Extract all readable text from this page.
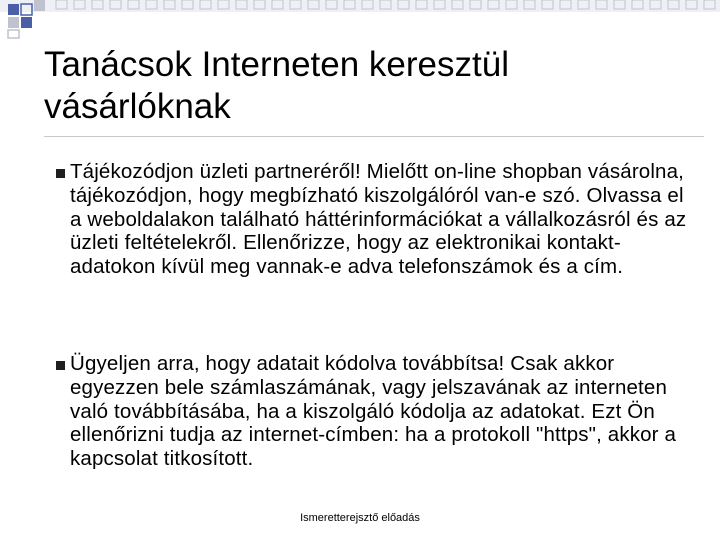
Tanácsok Interneten keresztül vásárlóknak

Tájékozódjon üzleti partneréről! Mielőtt on-line shopban vásárolna, tájékozódjon, hogy megbízható kiszolgálóról van-e szó. Olvassa el a weboldalakon található háttérinformációkat a vállalkozásról és az üzleti feltételekről. Ellenőrizze, hogy az elektronikai kontakt-adatokon kívül meg vannak-e adva telefonszámok és a cím.

Ügyeljen arra, hogy adatait kódolva továbbítsa! Csak akkor egyezzen bele számlaszámának, vagy jelszavának az interneten való továbbításába, ha a kiszolgáló kódolja az adatokat. Ezt Ön ellenőrizni tudja az internet-címben: ha a protokoll "https", akkor a kapcsolat titkosított.

Ismeretterejsztő előadás
